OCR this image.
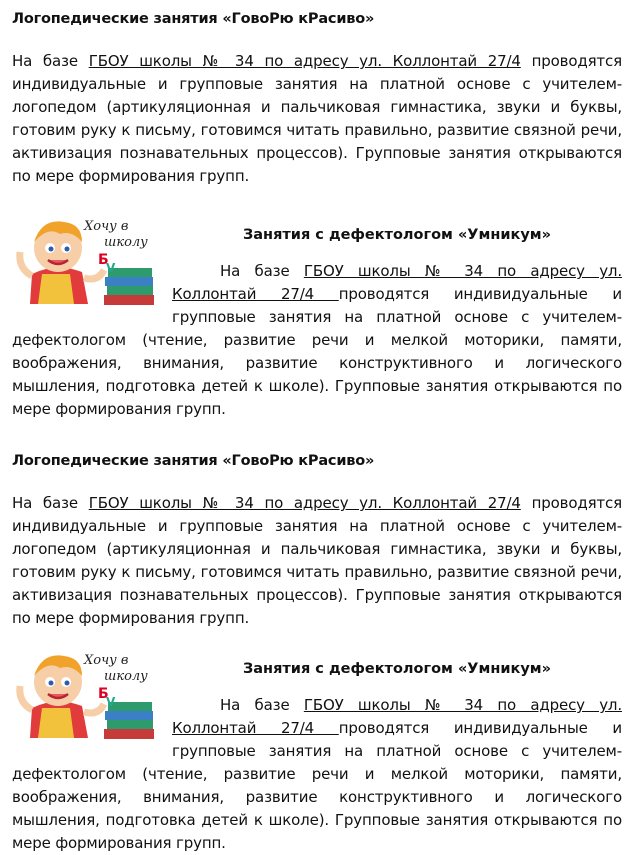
Логопедические занятия «ГовоРю кРасиво»

На базе ГБОУ школы № 34 по адресу ул. Коллонтай 27/4 проводятся индивидуальные и групповые занятия на платной основе с учителем-логопедом (артикуляционная и пальчиковая гимнастика, звуки и буквы, готовим руку к письму, готовимся читать правильно, развитие связной речи, активизация познавательных процессов). Групповые занятия открываются по мере формирования групп.

Б
V
Хочу в
школу	Занятия с дефектологом «Умникум»

На базе ГБОУ школы № 34 по адресу ул. Коллонтай 27/4 проводятся индивидуальные и групповые занятия на платной основе с учителем-дефектологом (чтение, развитие речи и мелкой моторики, памяти, воображения, внимания, развитие конструктивного и логического мышления, подготовка детей к школе). Групповые занятия открываются по мере формирования групп.

Логопедические занятия «ГовоРю кРасиво»

На базе ГБОУ школы № 34 по адресу ул. Коллонтай 27/4 проводятся индивидуальные и групповые занятия на платной основе с учителем-логопедом (артикуляционная и пальчиковая гимнастика, звуки и буквы, готовим руку к письму, готовимся читать правильно, развитие связной речи, активизация познавательных процессов). Групповые занятия открываются по мере формирования групп.

Б
V
Хочу в
школу	Занятия с дефектологом «Умникум»

На базе ГБОУ школы № 34 по адресу ул. Коллонтай 27/4 проводятся индивидуальные и групповые занятия на платной основе с учителем-дефектологом (чтение, развитие речи и мелкой моторики, памяти, воображения, внимания, развитие конструктивного и логического мышления, подготовка детей к школе). Групповые занятия открываются по мере формирования групп.
